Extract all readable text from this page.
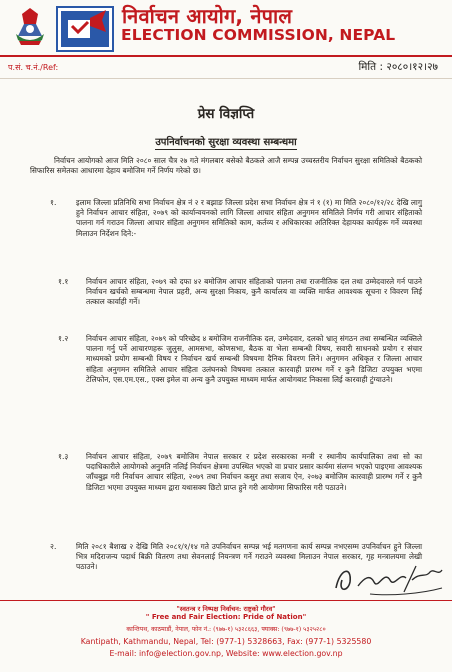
निर्वाचन आयोग, नेपाल
ELECTION COMMISSION, NEPAL
प.सं. च.नं./Ref:	मिति : २०८०।१२।२७
प्रेस विज्ञप्ति
उपनिर्वाचनको सुरक्षा व्यवस्था सम्बन्धमा
निर्वाचन आयोगको आज मिति २०८० साल चैत्र २७ गते मंगलबार बसेको बैठकले आजै सम्पन्न उच्चस्तरीय निर्वाचन सुरक्षा समितिको बैठकको सिफारिस समेतका आधारमा देहाय बमोजिम गर्ने निर्णय गरेको छ।
१.	इलाम जिल्ला प्रतिनिधि सभा निर्वाचन क्षेत्र नं २ र बझाङ जिल्ला प्रदेश सभा निर्वाचन क्षेत्र नं १ (१) मा मिति २०८०/१२/२८ देखि लागु हुने निर्वाचन आचार संहिता, २०७९ को कार्यान्वयनको लागि जिल्ला आचार संहिता अनुगमन समितिले निर्णय गरी आचार संहिताको पालना गर्न गराउन जिल्ला आचार संहिता अनुगमन समितिको काम, कर्तव्य र अधिकारका अतिरिक्त देहायका कार्यहरू गर्ने व्यवस्था मिलाउन निर्देशन दिने:-
१.१ निर्वाचन आचार संहिता, २०७९ को दफा ४२ बमोजिम आचार संहिताको पालना तथा राजनीतिक दल तथा उम्मेदवारले गर्न पाउने निर्वाचन खर्चको सम्बन्धमा नेपाल प्रहरी, अन्य सुरक्षा निकाय, कुनै कार्यालय वा व्यक्ति मार्फत आवश्यक सूचना र विवरण लिई तत्काल कार्वाही गर्ने।
१.२ निर्वाचन आचार संहिता, २०७९ को परिच्छेद ४ बमोजिम राजनीतिक दल, उम्मेदवार, दलको भ्रातृ संगठन तथा सम्बन्धित व्यक्तिले पालना गर्नु पर्ने आचारणहरू जुलुस, आमसभा, कोणसभा, बैठक वा भेला सम्बन्धी विषय, सवारी साधनको प्रयोग र संचार माध्यमको प्रयोग सम्बन्धी विषय र निर्वाचन खर्च सम्बन्धी विषयमा दैनिक विवरण लिने। अनुगमन अधिकृत र जिल्ला आचार संहिता अनुगमन समितिले आचार संहिता उलंघनको विषयमा तत्काल कारवाही प्रारम्भ गर्ने र कुनै डिजिटा उपयुक्त भएमा टेलिफोन, एस.एम.एस., एक्स इमेल वा अन्य कुनै उपयुक्त माध्यम मार्फत आयोगबाट निकासा लिई कारवाही टुंग्याउने।
१.३ निर्वाचन आचार संहिता, २०७९ बमोजिम नेपाल सरकार र प्रदेश सरकारका मन्त्री र स्थानीय कार्यपालिका तथा सो का पदाधिकारीले आयोगको अनुमति नलिई निर्वाचन क्षेत्रमा उपस्थित भएको वा प्रचार प्रसार कार्यमा संलग्न भएको पाइएमा आवश्यक जाँचबुझ गरी निर्वाचन आचार संहिता, २०७९ तथा निर्वाचन कसुर तथा सजाय ऐन, २०७३ बमोजिम कारवाही प्रारम्भ गर्ने र कुनै डिजिटा भएमा उपयुक्त माध्यम द्वारा यथासक्य छिटो प्राप्त हुने गरी आयोगमा सिफारिस गरी पठाउने।
२.	मिति २०८१ बैशाख २ देखि मिति २०८१/१/१४ गते उपनिर्वाचन सम्पन्न भई मतगणना कार्य सम्पन्न नभएसम्म उपनिर्वाचन हुने जिल्ला भित्र मदिराजन्य पदार्थ बिक्री वितरण तथा सेवनलाई नियन्त्रण गर्ने गराउने व्यवस्था मिलाउन नेपाल सरकार, गृह मन्त्रालयमा लेखी पठाउने।
"स्वतन्त्र र निष्पक्ष निर्वाचन: राष्ट्रको गौरव"
" Free and Fair Election: Pride of Nation"
कान्तिपथ, काठमाडौं, नेपाल, फोन नं.: (९७७-१) ५३२८६६३, फ्याक्स: (९७७-१) ५३२५२८०
Kantipath, Kathmandu, Nepal, Tel: (977-1) 5328663, Fax: (977-1) 5325580
E-mail: info@election.gov.np, Website: www.election.gov.np
